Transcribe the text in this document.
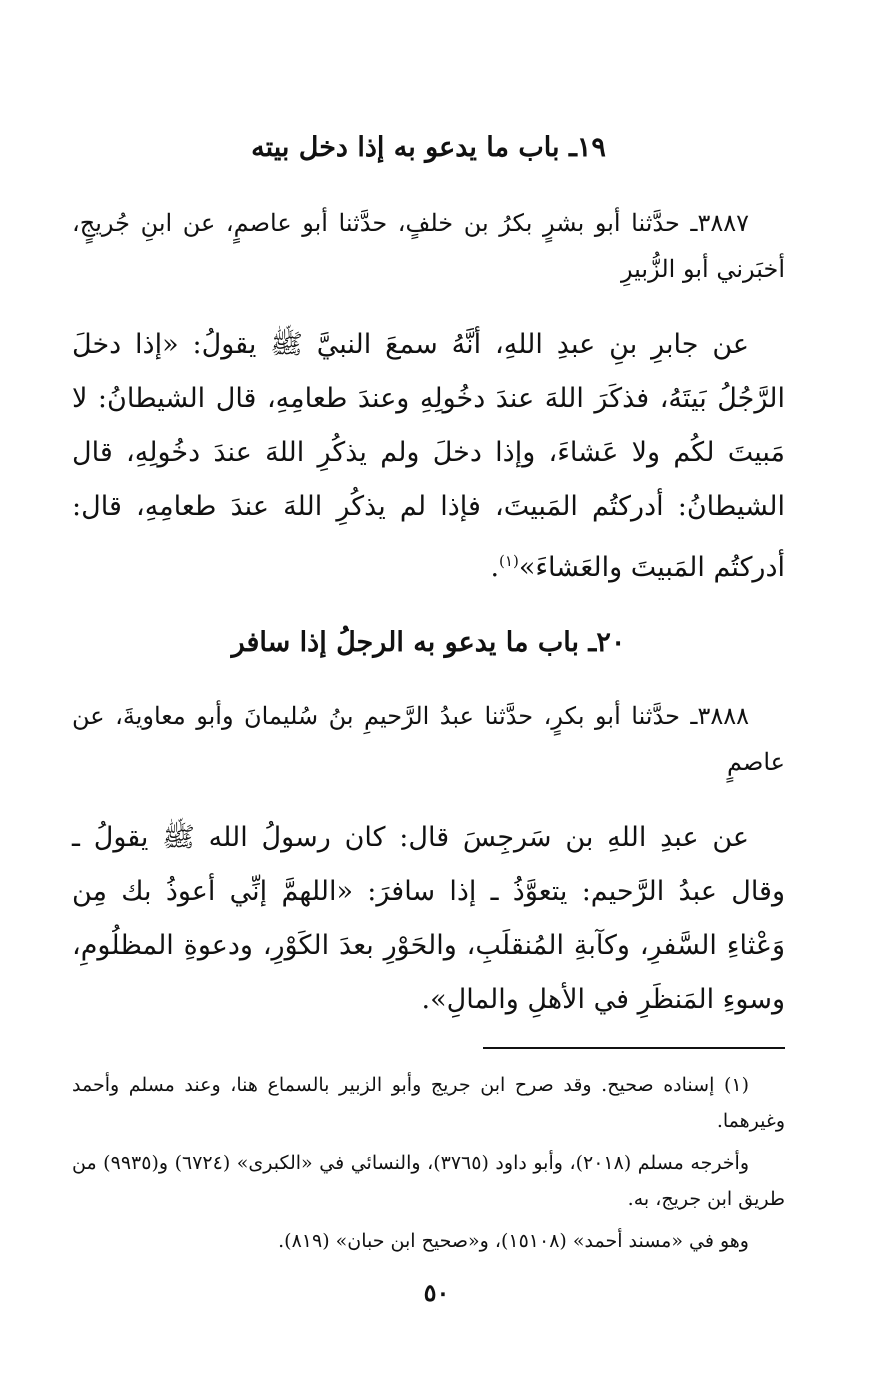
١٩ـ باب ما يدعو به إذا دخل بيته

٣٨٨٧ـ حدَّثنا أبو بشرٍ بكرُ بن خلفٍ، حدَّثنا أبو عاصمٍ، عن ابنِ جُريجٍ، أخبَرني أبو الزُّبيرِ

عن جابرِ بنِ عبدِ اللهِ، أنَّهُ سمعَ النبيَّ ﷺ يقولُ: «إذا دخلَ الرَّجُلُ بَيتَهُ، فذكَرَ اللهَ عندَ دخُولِهِ وعندَ طعامِهِ، قال الشيطانُ: لا مَبيتَ لكُم ولا عَشاءَ، وإذا دخلَ ولم يذكُرِ اللهَ عندَ دخُولِهِ، قال الشيطانُ: أدركتُم المَبيتَ، فإذا لم يذكُرِ اللهَ عندَ طعامِهِ، قال: أدركتُم المَبيتَ والعَشاءَ»$^{(١)}$.

٢٠ـ باب ما يدعو به الرجلُ إذا سافر

٣٨٨٨ـ حدَّثنا أبو بكرٍ، حدَّثنا عبدُ الرَّحيمِ بنُ سُليمانَ وأبو معاويةَ، عن عاصمٍ

عن عبدِ اللهِ بن سَرجِسَ قال: كان رسولُ الله ﷺ يقولُ ـ وقال عبدُ الرَّحيم: يتعوَّذُ ـ إذا سافرَ: «اللهمَّ إنِّي أعوذُ بك مِن وَعْثاءِ السَّفرِ، وكآبةِ المُنقلَبِ، والحَوْرِ بعدَ الكَوْرِ، ودعوةِ المظلُومِ، وسوءِ المَنظَرِ في الأهلِ والمالِ».

(١) إسناده صحيح. وقد صرح ابن جريج وأبو الزبير بالسماع هنا، وعند مسلم وأحمد وغيرهما.

وأخرجه مسلم (٢٠١٨)، وأبو داود (٣٧٦٥)، والنسائي في «الكبرى» (٦٧٢٤) و(٩٩٣٥) من طريق ابن جريج، به.

وهو في «مسند أحمد» (١٥١٠٨)، و«صحيح ابن حبان» (٨١٩).

٥٠
